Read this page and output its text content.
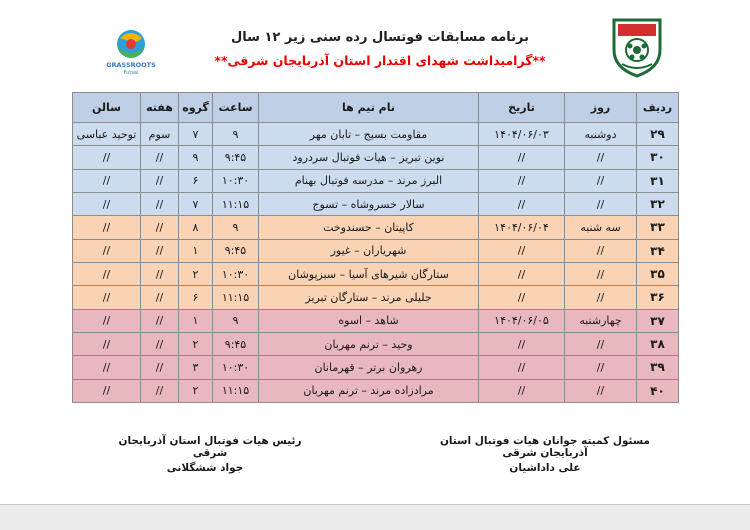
GRASSROOTS
Futsal
برنامه مسابقات فوتسال رده سنی زیر ۱۲ سال
**گرامیداشت شهدای اقتدار استان آذربایجان شرقی**
ردیف	روز	تاریخ	نام تیم ها	ساعت	گروه	هفته	سالن
۲۹	دوشنبه	۱۴۰۴/۰۶/۰۳	مقاومت بسیج – تابان مهر	۹	۷	سوم	توحید عباسی
۳۰	//	//	نوین تبریز – هیات فوتبال سردرود	۹:۴۵	۹	//	//
۳۱	//	//	البرز مرند – مدرسه فوتبال بهنام	۱۰:۳۰	۶	//	//
۳۲	//	//	سالار خسروشاه – تسوج	۱۱:۱۵	۷	//	//
۳۳	سه شنبه	۱۴۰۴/۰۶/۰۴	کاپیتان – حسندوخت	۹	۸	//	//
۳۴	//	//	شهریاران – غیور	۹:۴۵	۱	//	//
۳۵	//	//	ستارگان شیرهای آسیا – سبزپوشان	۱۰:۳۰	۲	//	//
۳۶	//	//	جلیلی مرند – ستارگان تبریز	۱۱:۱۵	۶	//	//
۳۷	چهارشنبه	۱۴۰۴/۰۶/۰۵	شاهد – اسوه	۹	۱	//	//
۳۸	//	//	وحید – ترنم مهربان	۹:۴۵	۲	//	//
۳۹	//	//	رهروان برتر – قهرمانان	۱۰:۳۰	۳	//	//
۴۰	//	//	مرادزاده مرند – ترنم مهربان	۱۱:۱۵	۲	//	//
مسئول کمیته جوانان هیات فوتبال استان آذربایجان شرقی
علی داداشیان
رئیس هیات فوتبال استان آذربایجان شرقی
جواد ششگلانی
